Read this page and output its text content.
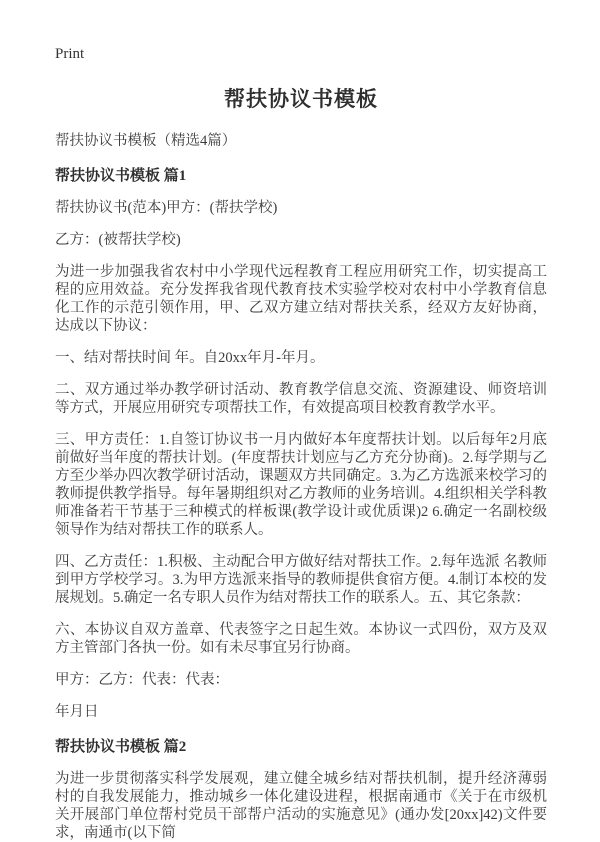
Print
帮扶协议书模板

帮扶协议书模板（精选4篇）

帮扶协议书模板 篇1

帮扶协议书(范本)甲方：(帮扶学校)

乙方：(被帮扶学校)

为进一步加强我省农村中小学现代远程教育工程应用研究工作，切实提高工程的应用效益。充分发挥我省现代教育技术实验学校对农村中小学教育信息化工作的示范引领作用，甲、乙双方建立结对帮扶关系，经双方友好协商，达成以下协议：

一、结对帮扶时间 年。自20xx年月-年月。

二、双方通过举办教学研讨活动、教育教学信息交流、资源建设、师资培训等方式，开展应用研究专项帮扶工作，有效提高项目校教育教学水平。

三、甲方责任：1.自签订协议书一月内做好本年度帮扶计划。以后每年2月底前做好当年度的帮扶计划。(年度帮扶计划应与乙方充分协商)。2.每学期与乙方至少举办四次教学研讨活动，课题双方共同确定。3.为乙方选派来校学习的教师提供教学指导。每年暑期组织对乙方教师的业务培训。4.组织相关学科教师准备若干节基于三种模式的样板课(教学设计或优质课)2 6.确定一名副校级领导作为结对帮扶工作的联系人。

四、乙方责任：1.积极、主动配合甲方做好结对帮扶工作。2.每年选派 名教师到甲方学校学习。3.为甲方选派来指导的教师提供食宿方便。4.制订本校的发展规划。5.确定一名专职人员作为结对帮扶工作的联系人。五、其它条款：

六、本协议自双方盖章、代表签字之日起生效。本协议一式四份，双方及双方主管部门各执一份。如有未尽事宜另行协商。

甲方：乙方：代表：代表：

年月日

帮扶协议书模板 篇2

为进一步贯彻落实科学发展观，建立健全城乡结对帮扶机制，提升经济薄弱村的自我发展能力，推动城乡一体化建设进程，根据南通市《关于在市级机关开展部门单位帮村党员干部帮户活动的实施意见》(通办发[20xx]42)文件要求，南通市(以下简
